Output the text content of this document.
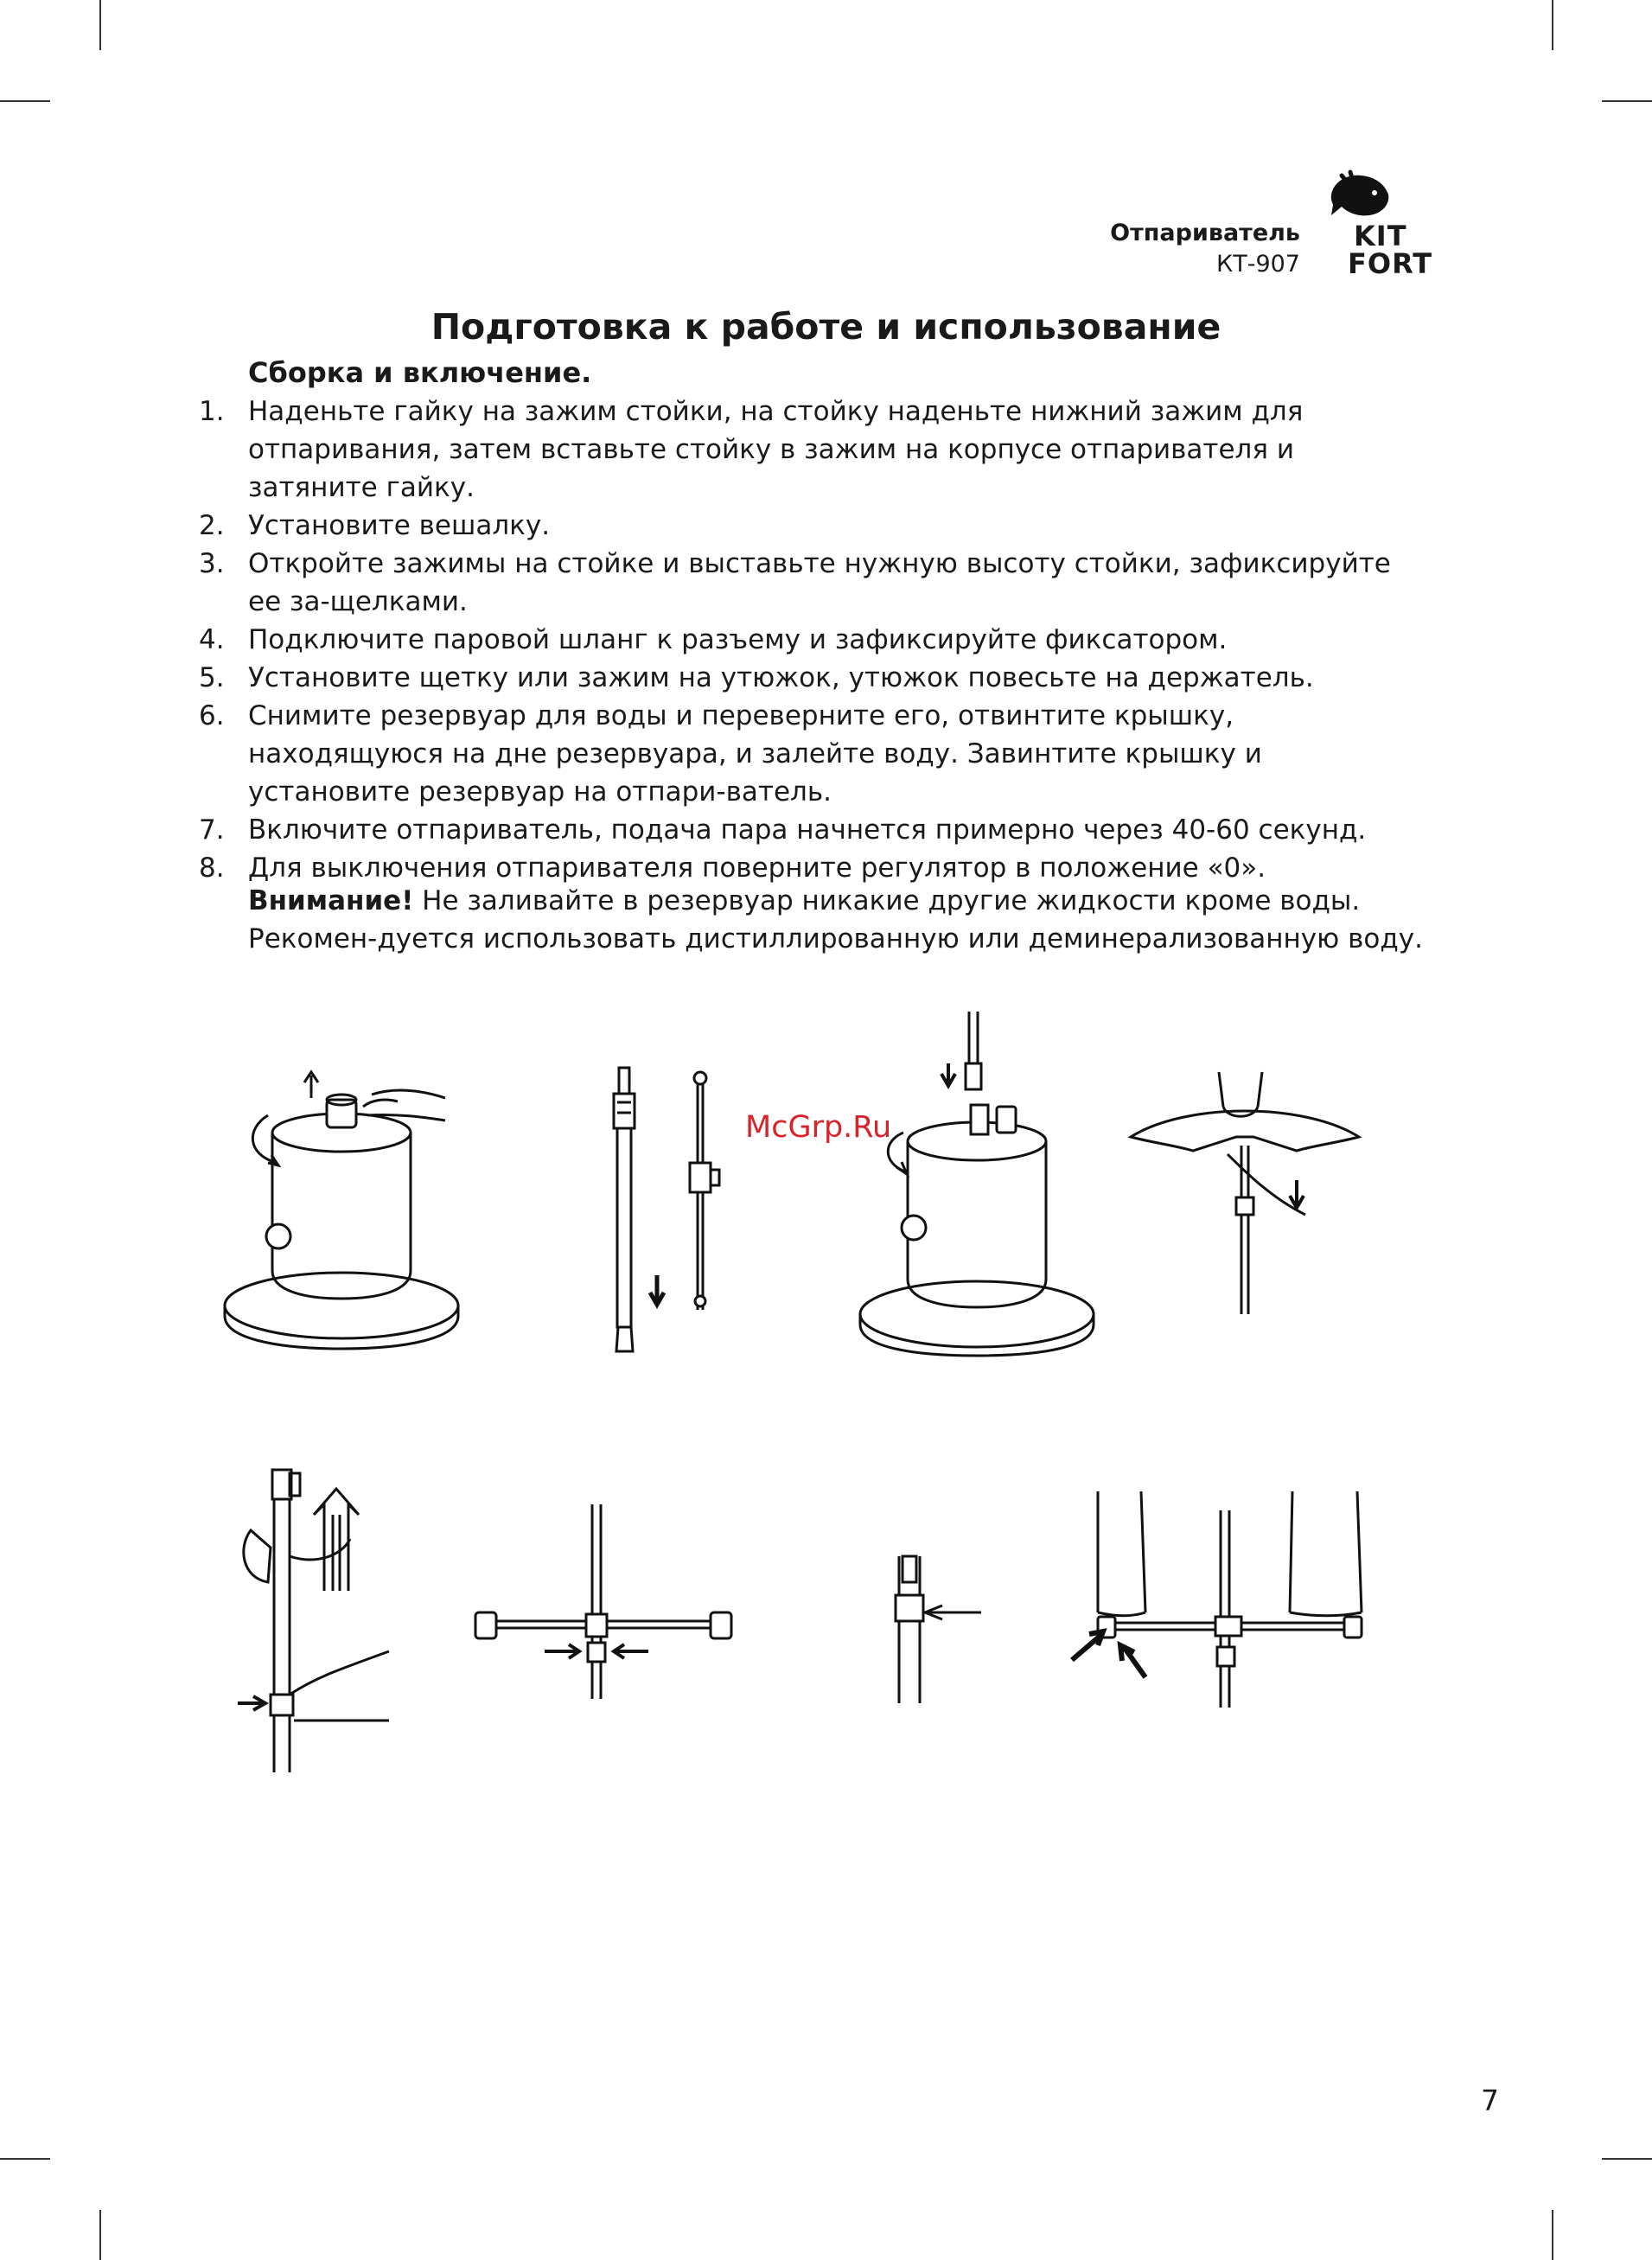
Отпариватель
КТ-907
KIT
FORT
Подготовка к работе и использование
Сборка и включение.
1. Наденьте гайку на зажим стойки, на стойку наденьте нижний зажим для отпаривания, затем вставьте стойку в зажим на корпусе отпаривателя и затяните гайку.
2. Установите вешалку.
3. Откройте зажимы на стойке и выставьте нужную высоту стойки, зафиксируйте ее за-щелками.
4. Подключите паровой шланг к разъему и зафиксируйте фиксатором.
5. Установите щетку или зажим на утюжок, утюжок повесьте на держатель.
6. Снимите резервуар для воды и переверните его, отвинтите крышку, находящуюся на дне резервуара, и залейте воду. Завинтите крышку и установите резервуар на отпари-ватель.
7. Включите отпариватель, подача пара начнется примерно через 40-60 секунд.
8. Для выключения отпаривателя поверните регулятор в положение «0».
Внимание! Не заливайте в резервуар никакие другие жидкости кроме воды. Рекомен-дуется использовать дистиллированную или деминерализованную воду.
McGrp.Ru
7
